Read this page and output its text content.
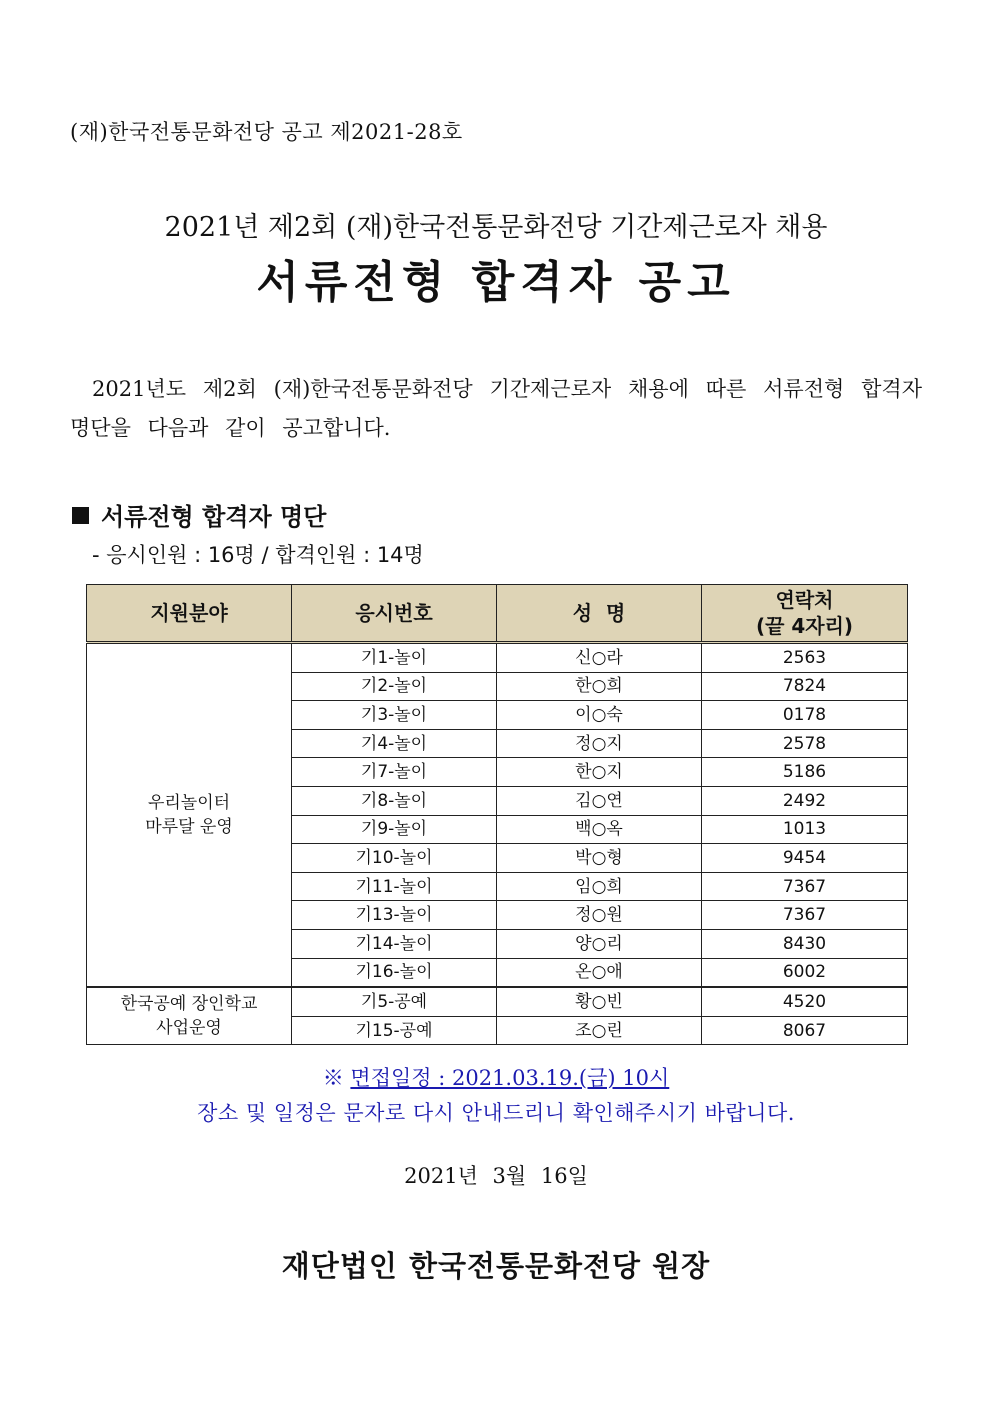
(재)한국전통문화전당 공고 제2021-28호
2021년 제2회 (재)한국전통문화전당 기간제근로자 채용
서류전형 합격자 공고
2021년도 제2회 (재)한국전통문화전당 기간제근로자 채용에 따른 서류전형 합격자 명단을 다음과 같이 공고합니다.
서류전형 합격자 명단
- 응시인원 : 16명 / 합격인원 : 14명
지원분야	응시번호	성  명	연락처
(끝 4자리)

우리놀이터
마루달 운영	기1-놀이	신○라	2563
	기2-놀이	한○희	7824
	기3-놀이	이○숙	0178
	기4-놀이	정○지	2578
	기7-놀이	한○지	5186
	기8-놀이	김○연	2492
	기9-놀이	백○옥	1013
	기10-놀이	박○형	9454
	기11-놀이	임○희	7367
	기13-놀이	정○원	7367
	기14-놀이	양○리	8430
	기16-놀이	온○애	6002

한국공예 장인학교
사업운영	기5-공예	황○빈	4520
	기15-공예	조○린	8067
※ 면접일정 : 2021.03.19.(금) 10시
장소 및 일정은 문자로 다시 안내드리니 확인해주시기 바랍니다.
2021년 3월 16일
재단법인 한국전통문화전당 원장
